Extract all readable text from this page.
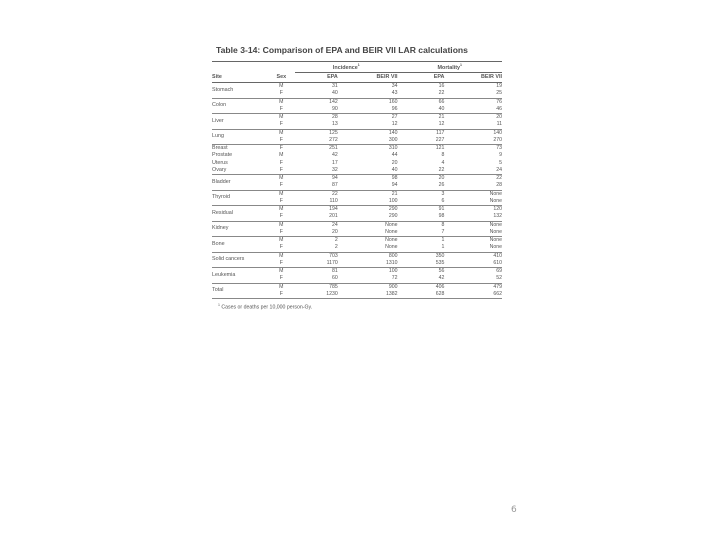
Table 3-14: Comparison of EPA and BEIR VII LAR calculations
		Incidence$^1$		Mortality$^1$
Site	Sex	EPA	BEIR VII	EPA	BEIR VII
Stomach	M	31	34	16	19
	F	40	43	22	25
Colon	M	142	160	66	76
	F	90	96	40	46
Liver	M	28	27	21	20
	F	13	12	12	11
Lung	M	125	140	117	140
	F	272	300	227	270
Breast	F	251	310	121	73
Prostate	M	42	44	8	9
Uterus	F	17	20	4	5
Ovary	F	32	40	22	24
Bladder	M	94	98	20	22
	F	87	94	26	28
Thyroid	M	22	21	3	None
	F	110	100	6	None
Residual	M	194	290	91	120
	F	201	290	98	132
Kidney	M	24	None	8	None
	F	20	None	7	None
Bone	M	2	None	1	None
	F	2	None	1	None
Solid cancers	M	703	800	350	410
	F	1170	1310	535	610
Leukemia	M	81	100	56	69
	F	60	72	42	52
Total	M	785	900	406	479
	F	1230	1382	628	662
$^1$ Cases or deaths per 10,000 person-Gy.
6
